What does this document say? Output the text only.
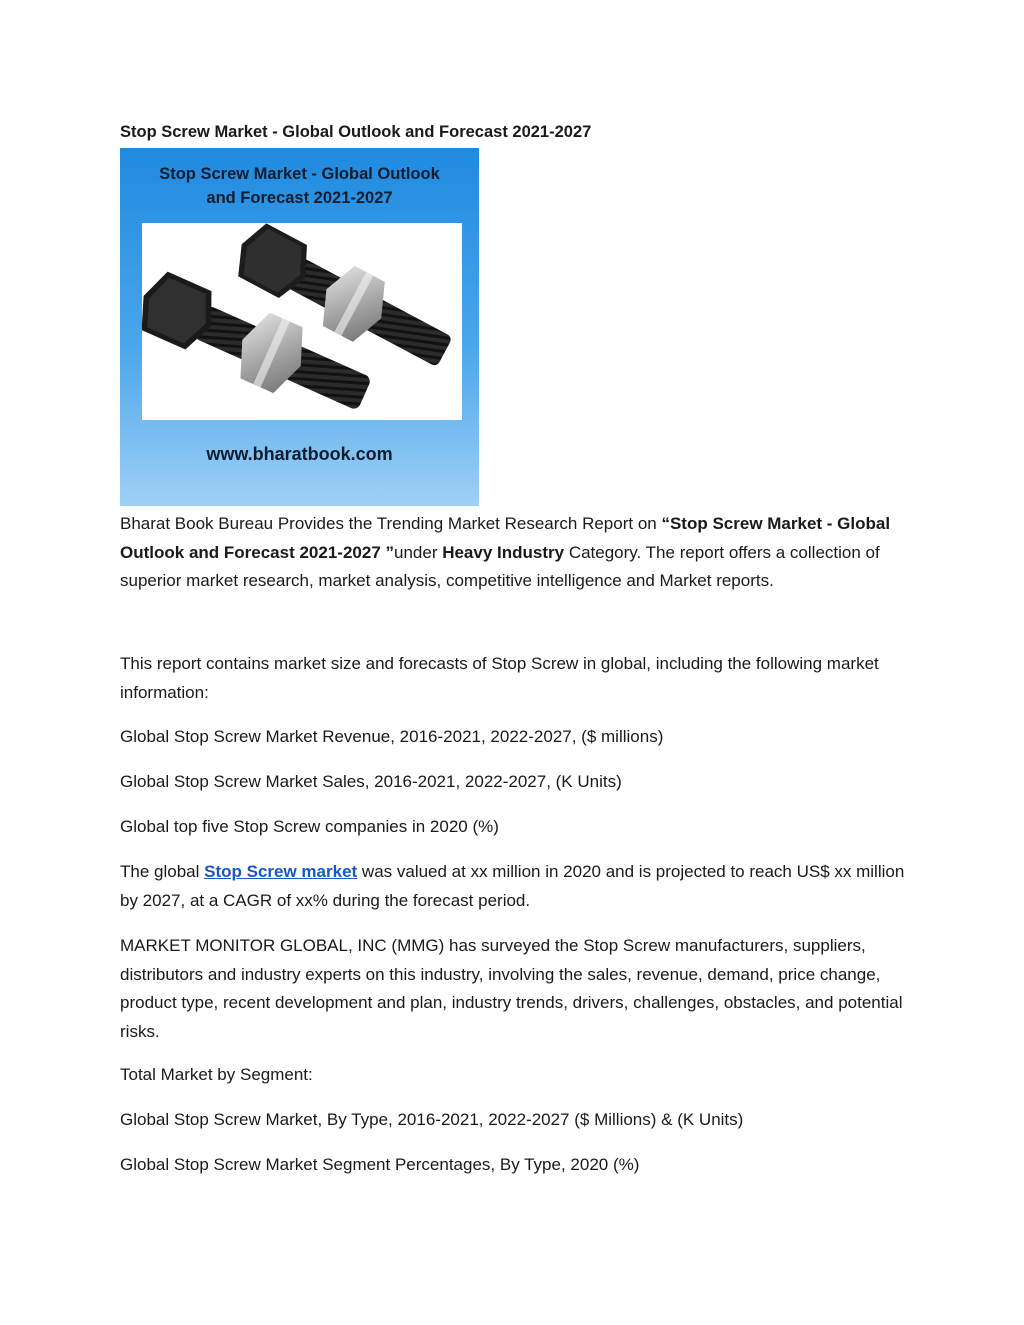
Stop Screw Market - Global Outlook and Forecast 2021-2027
Stop Screw Market - Global Outlook
and Forecast 2021-2027
www.bharatbook.com

Bharat Book Bureau Provides the Trending Market Research Report on “Stop Screw Market - Global Outlook and Forecast 2021-2027 ”under Heavy Industry Category. The report offers a collection of superior market research, market analysis, competitive intelligence and Market reports.

This report contains market size and forecasts of Stop Screw in global, including the following market information:

Global Stop Screw Market Revenue, 2016-2021, 2022-2027, ($ millions)

Global Stop Screw Market Sales, 2016-2021, 2022-2027, (K Units)

Global top five Stop Screw companies in 2020 (%)

The global Stop Screw market was valued at xx million in 2020 and is projected to reach US$ xx million by 2027, at a CAGR of xx% during the forecast period.

MARKET MONITOR GLOBAL, INC (MMG) has surveyed the Stop Screw manufacturers, suppliers, distributors and industry experts on this industry, involving the sales, revenue, demand, price change, product type, recent development and plan, industry trends, drivers, challenges, obstacles, and potential risks.

Total Market by Segment:

Global Stop Screw Market, By Type, 2016-2021, 2022-2027 ($ Millions) & (K Units)

Global Stop Screw Market Segment Percentages, By Type, 2020 (%)
